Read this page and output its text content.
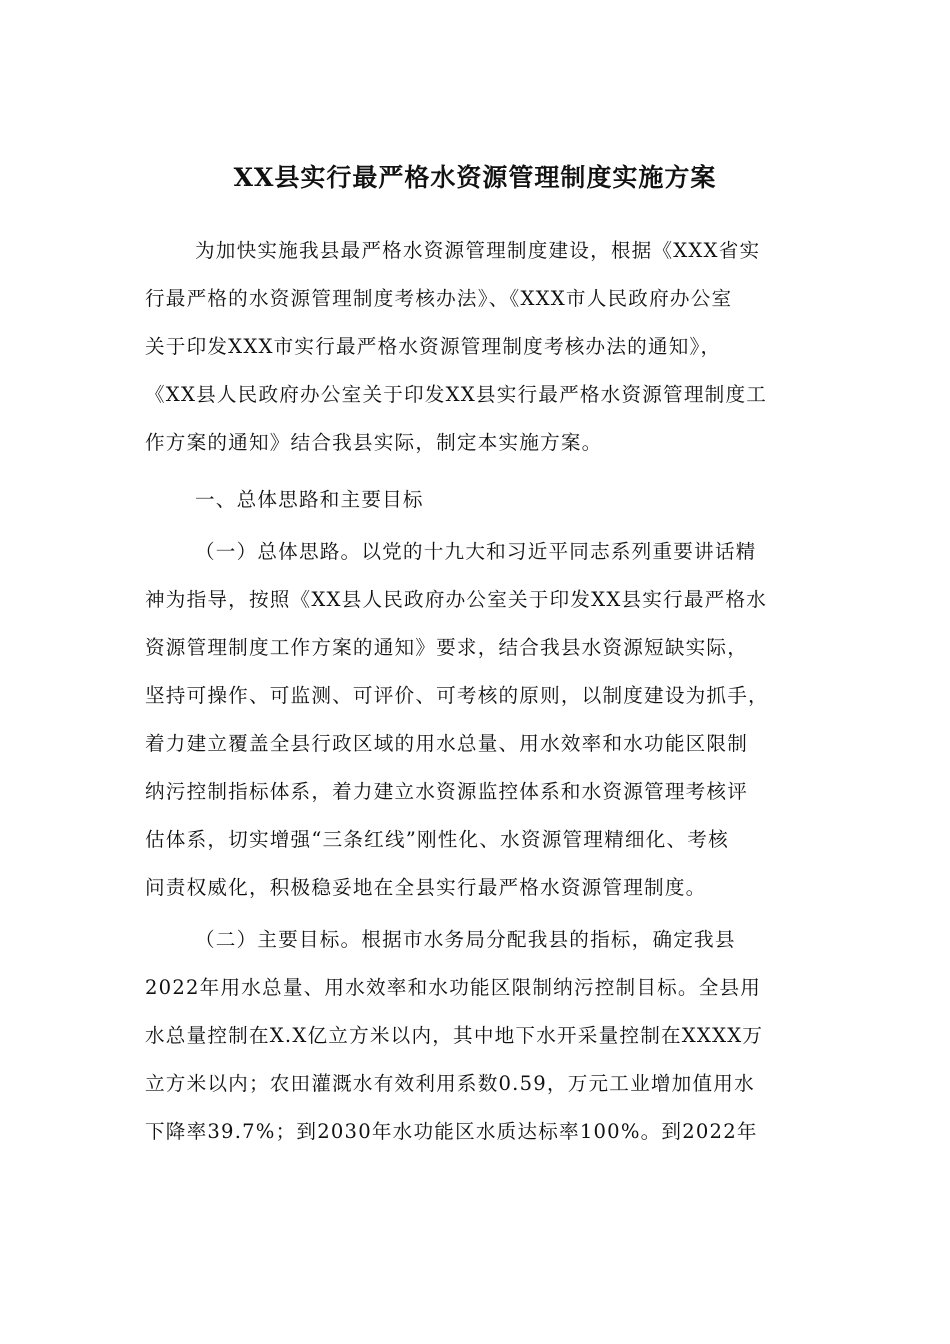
XX县实行最严格水资源管理制度实施方案
为加快实施我县最严格水资源管理制度建设，根据《XXX省实
行最严格的水资源管理制度考核办法》、《XXX市人民政府办公室
关于印发XXX市实行最严格水资源管理制度考核办法的通知》，
《XX县人民政府办公室关于印发XX县实行最严格水资源管理制度工
作方案的通知》结合我县实际，制定本实施方案。
一、总体思路和主要目标
（一）总体思路。以党的十九大和习近平同志系列重要讲话精
神为指导，按照《XX县人民政府办公室关于印发XX县实行最严格水
资源管理制度工作方案的通知》要求，结合我县水资源短缺实际，
坚持可操作、可监测、可评价、可考核的原则，以制度建设为抓手，
着力建立覆盖全县行政区域的用水总量、用水效率和水功能区限制
纳污控制指标体系，着力建立水资源监控体系和水资源管理考核评
估体系，切实增强“三条红线”刚性化、水资源管理精细化、考核
问责权威化，积极稳妥地在全县实行最严格水资源管理制度。
（二）主要目标。根据市水务局分配我县的指标，确定我县
2022年用水总量、用水效率和水功能区限制纳污控制目标。全县用
水总量控制在X.X亿立方米以内，其中地下水开采量控制在XXXX万
立方米以内；农田灌溉水有效利用系数0.59，万元工业增加值用水
下降率39.7%；到2030年水功能区水质达标率100%。到2022年
